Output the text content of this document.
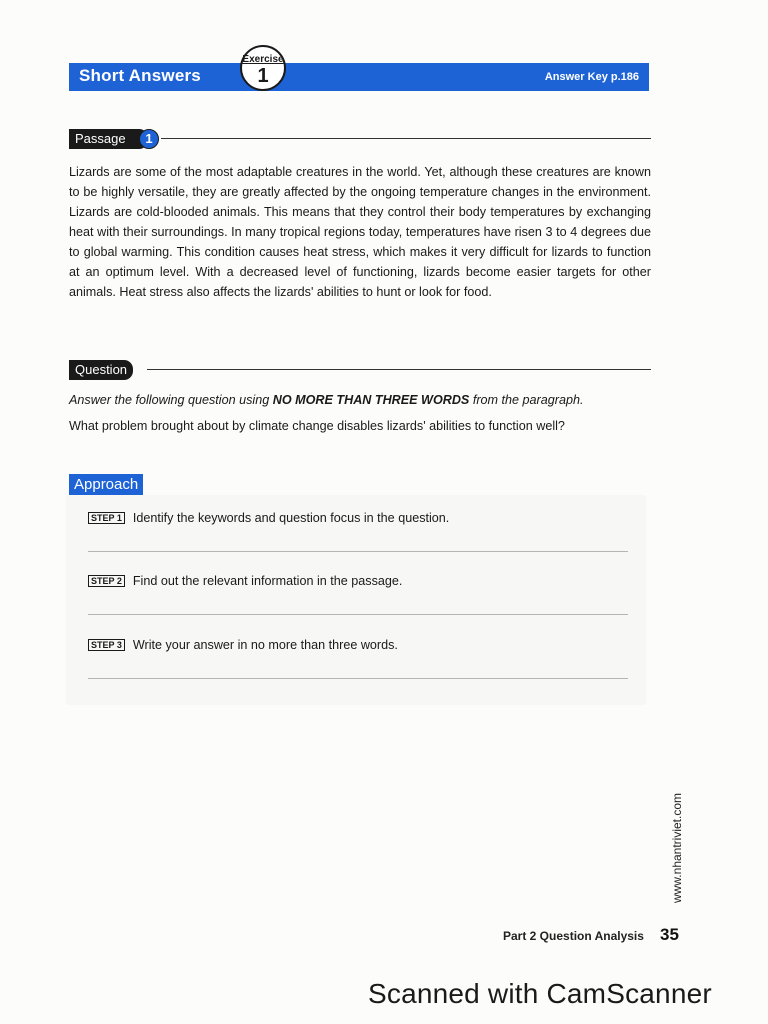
Short Answers	Answer Key p.186
Exercise
1
Passage	1

Lizards are some of the most adaptable creatures in the world. Yet, although these creatures are known to be highly versatile, they are greatly affected by the ongoing temperature changes in the environment. Lizards are cold-blooded animals. This means that they control their body temperatures by exchanging heat with their surroundings. In many tropical regions today, temperatures have risen 3 to 4 degrees due to global warming. This condition causes heat stress, which makes it very difficult for lizards to function at an optimum level. With a decreased level of functioning, lizards become easier targets for other animals. Heat stress also affects the lizards' abilities to hunt or look for food.

Question
Answer the following question using NO MORE THAN THREE WORDS from the paragraph.
What problem brought about by climate change disables lizards' abilities to function well?
Approach
STEP 1 Identify the keywords and question focus in the question.
STEP 2 Find out the relevant information in the passage.
STEP 3 Write your answer in no more than three words.
www.nhantriviet.com
Part 2 Question Analysis 35
Scanned with CamScanner
